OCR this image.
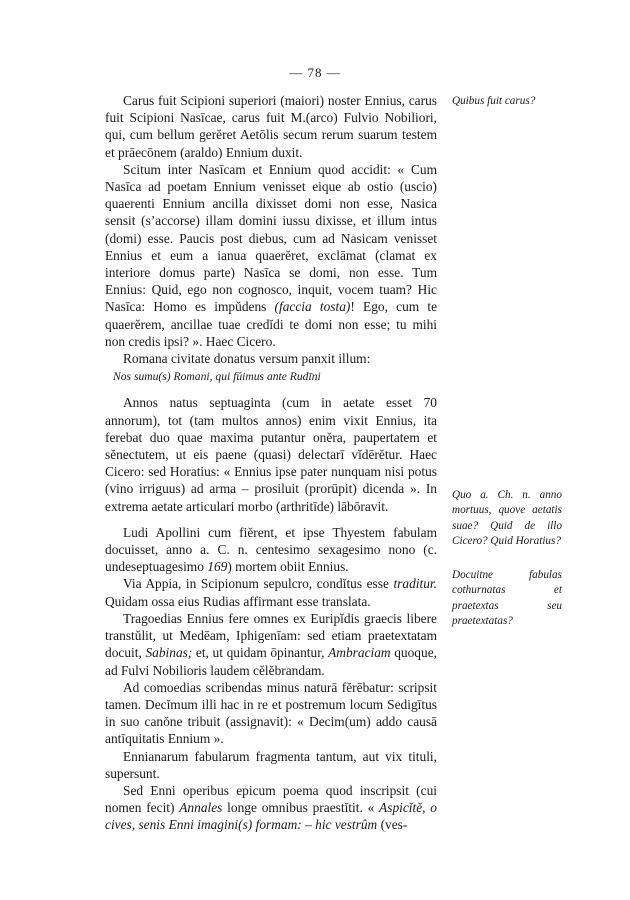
— 78 —

Carus fuit Scipioni superiori (maiori) noster Ennius, carus fuit Scipioni Nasīcae, carus fuit M.(arco) Fulvio Nobiliori, qui, cum bellum gerĕret Aetōlis secum rerum suarum testem et prāecōnem (araldo) Ennium duxit.

Scitum inter Nasīcam et Ennium quod accidit: « Cum Nasīca ad poetam Ennium venisset eique ab ostio (uscio) quaerenti Ennium ancilla dixisset domi non esse, Nasica sensit (s’accorse) illam domini iussu dixisse, et illum intus (domi) esse. Paucis post diebus, cum ad Nasicam venisset Ennius et eum a ianua quaerĕret, exclāmat (clamat ex interiore domus parte) Nasīca se domi, non esse. Tum Ennius: Quid, ego non cognosco, inquit, vocem tuam? Hic Nasīca: Homo es impŭdens (faccia tosta)! Ego, cum te quaerĕrem, ancillae tuae credĭdi te domi non esse; tu mihi non credis ipsi? ». Haec Cicero.

Romana civitate donatus versum panxit illum:

Nos sumu(s) Romani, qui fŭimus ante Rudīni

Annos natus septuaginta (cum in aetate esset 70 annorum), tot (tam multos annos) enim vixit Ennius, ita ferebat duo quae maxima putantur onĕra, paupertatem et sĕnectutem, ut eis paene (quasi) delectarī vĭdērĕtur. Haec Cicero: sed Horatius: « Ennius ipse pater nunquam nisi potus (vino irriguus) ad arma – prosiluit (prorūpit) dicenda ». In extrema aetate articulari morbo (arthritīde) lābōravit.

Ludi Apollini cum fiĕrent, et ipse Thyestem fabulam docuisset, anno a. C. n. centesimo sexagesimo nono (c. undeseptuagesimo 169) mortem obiit Ennius.

Via Appia, in Scipionum sepulcro, condĭtus esse traditur. Quidam ossa eius Rudias affirmant esse translata.

Tragoedias Ennius fere omnes ex Euripĭdis graecis libere transtŭlit, ut Medēam, Iphigenīam: sed etiam praetextatam docuit, Sabinas; et, ut quidam ōpinantur, Ambraciam quoque, ad Fulvi Nobilioris laudem cĕlĕbrandam.

Ad comoedias scribendas minus naturā fĕrēbatur: scripsit tamen. Decĭmum illi hac in re et postremum locum Sedigītus in suo canŏne tribuit (assignavit): « Decim(um) addo causā antīquitatis Ennium ».

Ennianarum fabularum fragmenta tantum, aut vix tituli, supersunt.

Sed Enni operibus epicum poema quod inscripsit (cui nomen fecit) Annales longe omnibus praestĭtit. « Aspicĭtĕ, o cives, senis Enni imagini(s) formam: – hic vestrûm (ves-

Quibus fuit carus?
Quo a. Ch. n. anno mortuus, quove aetatis suae? Quid de illo Cicero? Quid Horatius?
Docuitne fabulas cothurnatas et praetextas seu praetextatas?
